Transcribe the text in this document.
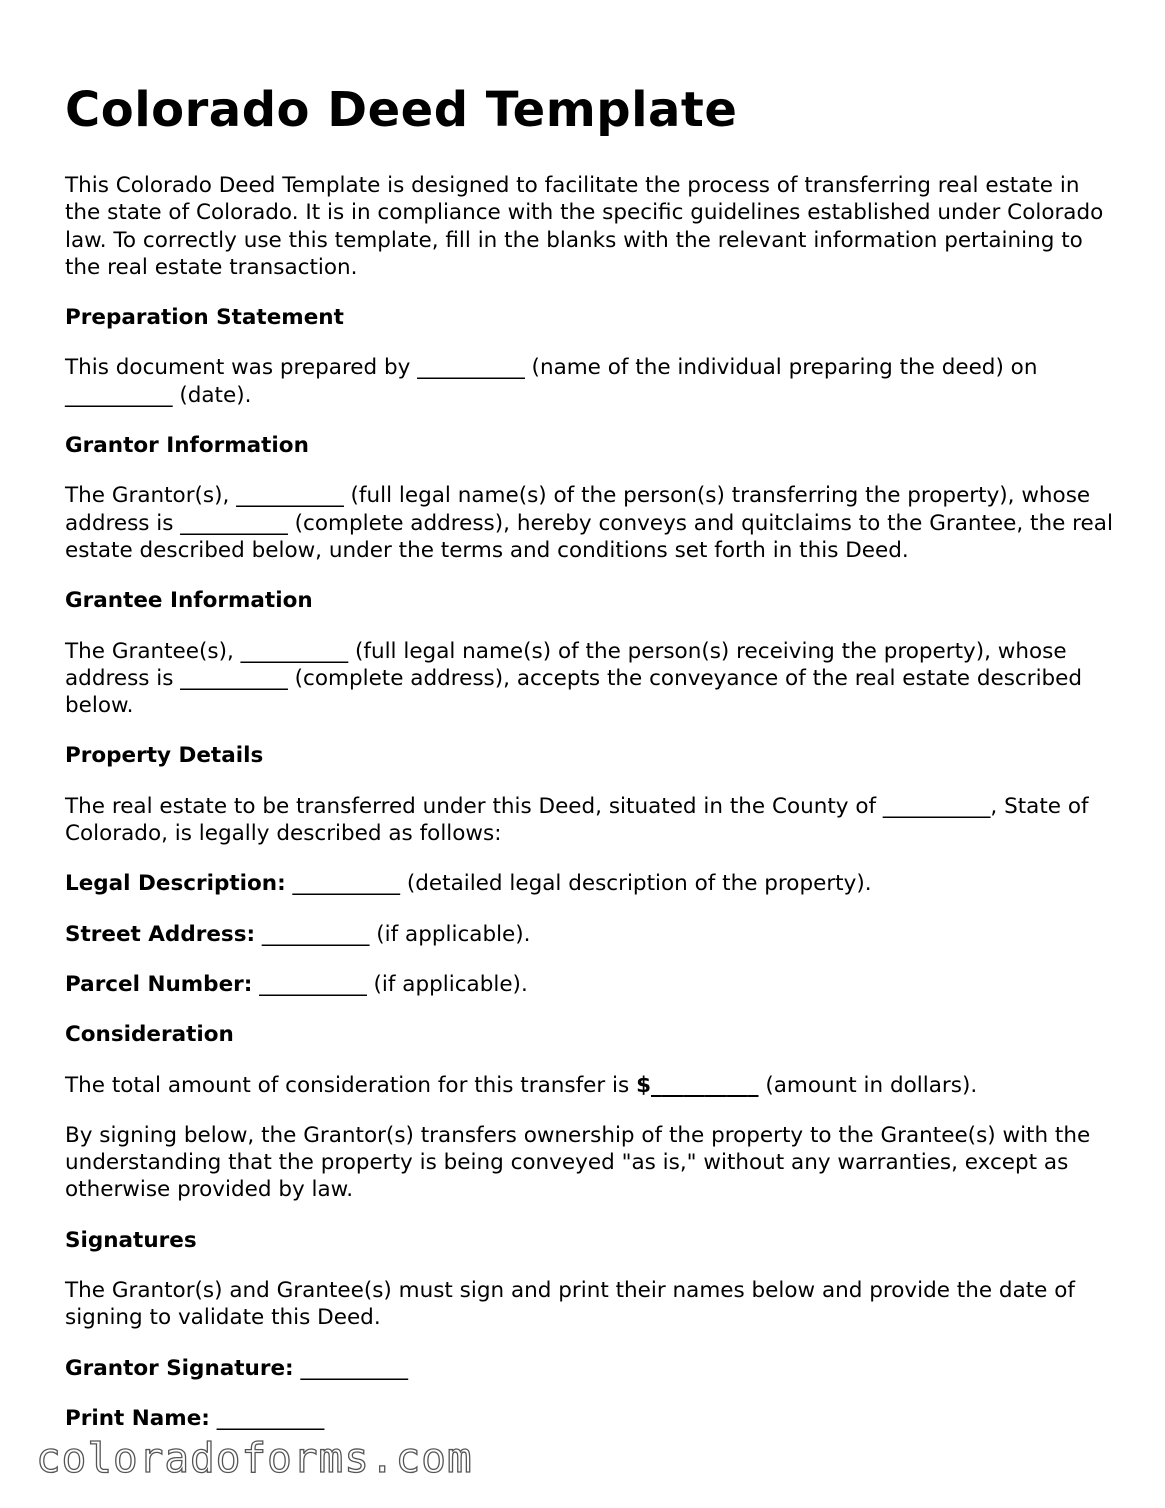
Colorado Deed Template

This Colorado Deed Template is designed to facilitate the process of transferring real estate in the state of Colorado. It is in compliance with the specific guidelines established under Colorado law. To correctly use this template, fill in the blanks with the relevant information pertaining to the real estate transaction.

Preparation Statement

This document was prepared by __________ (name of the individual preparing the deed) on __________ (date).

Grantor Information

The Grantor(s), __________ (full legal name(s) of the person(s) transferring the property), whose address is __________ (complete address), hereby conveys and quitclaims to the Grantee, the real estate described below, under the terms and conditions set forth in this Deed.

Grantee Information

The Grantee(s), __________ (full legal name(s) of the person(s) receiving the property), whose address is __________ (complete address), accepts the conveyance of the real estate described below.

Property Details

The real estate to be transferred under this Deed, situated in the County of __________, State of Colorado, is legally described as follows:

Legal Description: __________ (detailed legal description of the property).

Street Address: __________ (if applicable).

Parcel Number: __________ (if applicable).

Consideration

The total amount of consideration for this transfer is $__________ (amount in dollars).

By signing below, the Grantor(s) transfers ownership of the property to the Grantee(s) with the understanding that the property is being conveyed "as is," without any warranties, except as otherwise provided by law.

Signatures

The Grantor(s) and Grantee(s) must sign and print their names below and provide the date of signing to validate this Deed.

Grantor Signature: __________

Print Name: __________

coloradoforms.com
